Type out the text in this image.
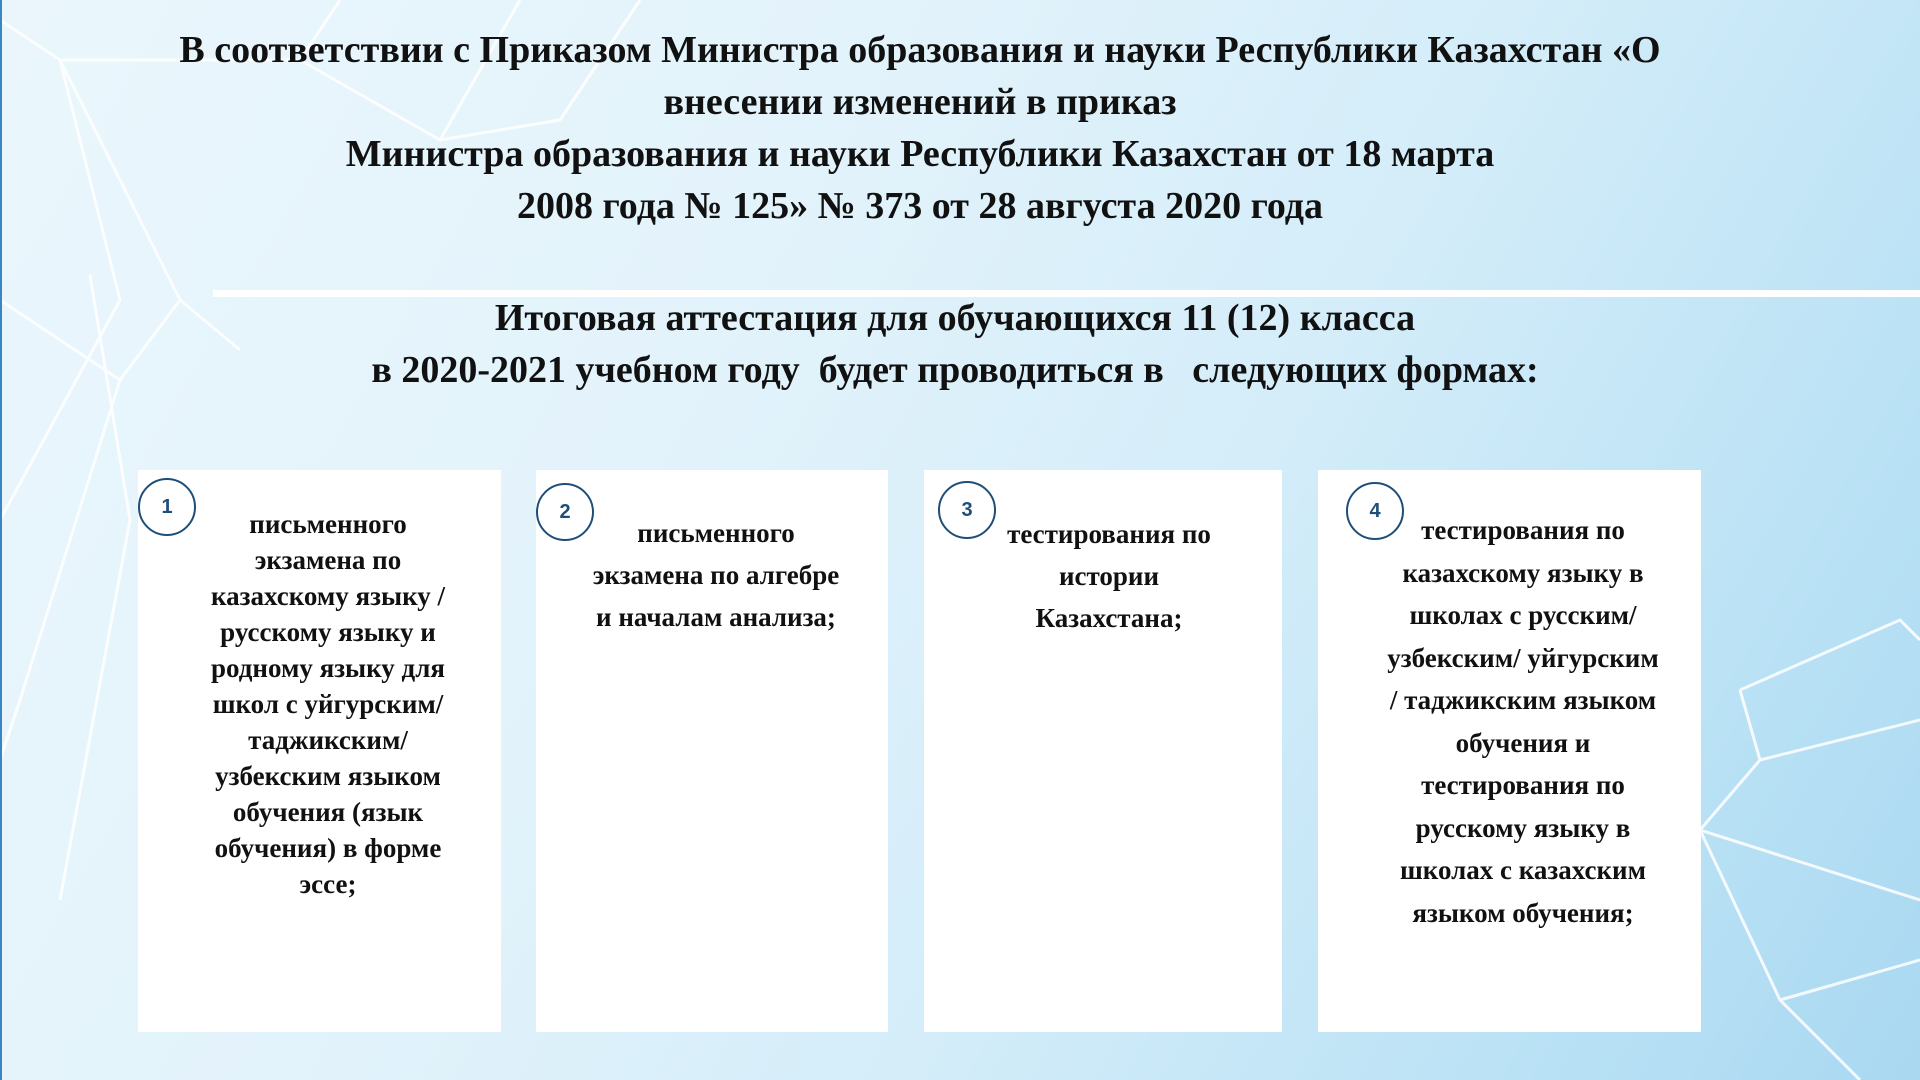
В соответствии с Приказом Министра образования и науки Республики Казахстан «О
внесении изменений в приказ
Министра образования и науки Республики Казахстан от 18 марта
2008 года № 125» № 373 от 28 августа 2020 года
Итоговая аттестация для обучающихся 11 (12) класса
в 2020-2021 учебном году  будет проводиться в   следующих формах:
1
письменного
экзамена по
казахскому языку /
русскому языку и
родному языку для
школ с уйгурским/
таджикским/
узбекским языком
обучения (язык
обучения) в форме
эссе;
2
письменного
экзамена по алгебре
и началам анализа;
3
тестирования по
истории
Казахстана;
4
тестирования по
казахскому языку в
школах с русским/
узбекским/ уйгурским
/ таджикским языком
обучения и
тестирования по
русскому языку в
школах с казахским
языком обучения;
